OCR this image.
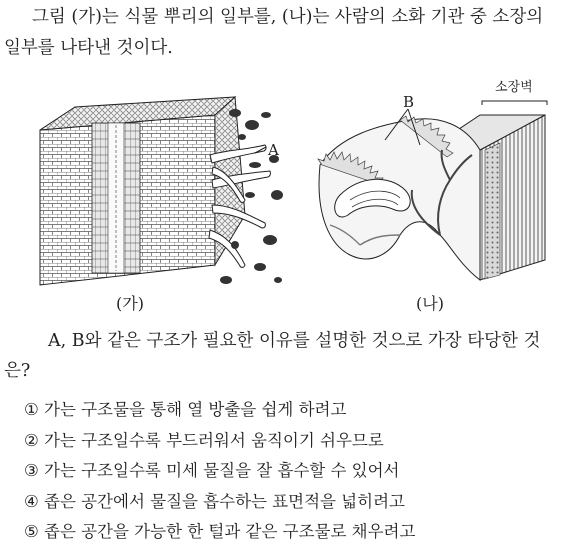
그림 (가)는 식물 뿌리의 일부를, (나)는 사람의 소화 기관 중 소장의

일부를 나타낸 것이다.

A
소장벽
B
(가)	(나)

A, B와 같은 구조가 필요한 이유를 설명한 것으로 가장 타당한 것

은?

① 가는 구조물을 통해 열 방출을 쉽게 하려고
② 가는 구조일수록 부드러워서 움직이기 쉬우므로
③ 가는 구조일수록 미세 물질을 잘 흡수할 수 있어서
④ 좁은 공간에서 물질을 흡수하는 표면적을 넓히려고
⑤ 좁은 공간을 가능한 한 털과 같은 구조물로 채우려고
